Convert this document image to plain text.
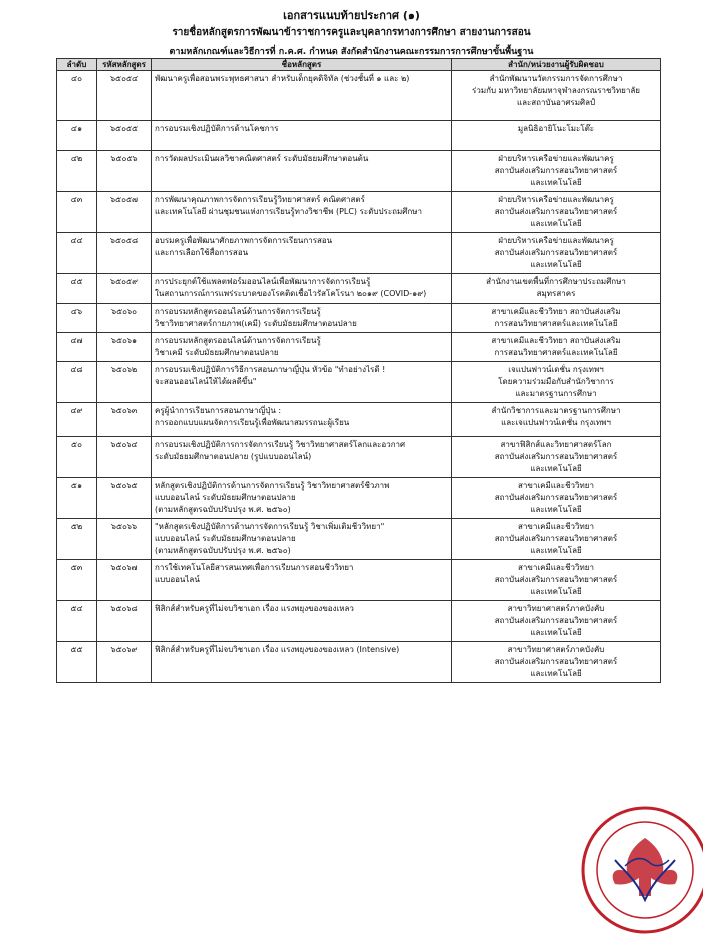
เอกสารแนบท้ายประกาศ (๑)
รายชื่อหลักสูตรการพัฒนาข้าราชการครูและบุคลากรทางการศึกษา สายงานการสอน
ตามหลักเกณฑ์และวิธีการที่ ก.ค.ศ. กำหนด สังกัดสำนักงานคณะกรรมการการศึกษาขั้นพื้นฐาน
ลำดับ	รหัสหลักสูตร	ชื่อหลักสูตร	สำนัก/หน่วยงานผู้รับผิดชอบ
๔๐	๖๕๐๕๔	พัฒนาครูเพื่อสอนพระพุทธศาสนา สำหรับเด็กยุคดิจิทัล (ช่วงชั้นที่ ๑ และ ๒)	สำนักพัฒนานวัตกรรมการจัดการศึกษา
ร่วมกับ มหาวิทยาลัยมหาจุฬาลงกรณราชวิทยาลัย
และสถาบันอาศรมศิลป์

๔๑	๖๕๐๕๕	การอบรมเชิงปฏิบัติการด้านโคชการ	มูลนิธิอายิโนะโมะโต๊ะ

๔๒	๖๕๐๕๖	การวัดผลประเมินผลวิชาคณิตศาสตร์ ระดับมัธยมศึกษาตอนต้น	ฝ่ายบริหารเครือข่ายและพัฒนาครู
สถาบันส่งเสริมการสอนวิทยาศาสตร์
และเทคโนโลยี

๔๓	๖๕๐๕๗	การพัฒนาคุณภาพการจัดการเรียนรู้วิทยาศาสตร์ คณิตศาสตร์
และเทคโนโลยี ผ่านชุมชนแห่งการเรียนรู้ทางวิชาชีพ (PLC) ระดับประถมศึกษา	ฝ่ายบริหารเครือข่ายและพัฒนาครู
สถาบันส่งเสริมการสอนวิทยาศาสตร์
และเทคโนโลยี

๔๔	๖๕๐๕๘	อบรมครูเพื่อพัฒนาศักยภาพการจัดการเรียนการสอน
และการเลือกใช้สื่อการสอน	ฝ่ายบริหารเครือข่ายและพัฒนาครู
สถาบันส่งเสริมการสอนวิทยาศาสตร์
และเทคโนโลยี

๔๕	๖๕๐๕๙	การประยุกต์ใช้แพลตฟอร์มออนไลน์เพื่อพัฒนาการจัดการเรียนรู้
ในสถานการณ์การแพร่ระบาดของโรคติดเชื้อไวรัสโคโรนา ๒๐๑๙ (COVID-๑๙)	สำนักงานเขตพื้นที่การศึกษาประถมศึกษา
สมุทรสาคร

๔๖	๖๕๐๖๐	การอบรมหลักสูตรออนไลน์ด้านการจัดการเรียนรู้
วิชาวิทยาศาสตร์กายภาพ(เคมี) ระดับมัธยมศึกษาตอนปลาย	สาขาเคมีและชีววิทยา สถาบันส่งเสริม
การสอนวิทยาศาสตร์และเทคโนโลยี

๔๗	๖๕๐๖๑	การอบรมหลักสูตรออนไลน์ด้านการจัดการเรียนรู้
วิชาเคมี ระดับมัธยมศึกษาตอนปลาย	สาขาเคมีและชีววิทยา สถาบันส่งเสริม
การสอนวิทยาศาสตร์และเทคโนโลยี

๔๘	๖๕๐๖๒	การอบรมเชิงปฏิบัติการวิธีการสอนภาษาญี่ปุ่น หัวข้อ "ทำอย่างไรดี !
จะสอนออนไลน์ให้ได้ผลดีขึ้น"	เจแปนฟาวน์เดชั่น กรุงเทพฯ
โดยความร่วมมือกับสำนักวิชาการ
และมาตรฐานการศึกษา

๔๙	๖๕๐๖๓	ครูผู้นำการเรียนการสอนภาษาญี่ปุ่น :
การออกแบบแผนจัดการเรียนรู้เพื่อพัฒนาสมรรถนะผู้เรียน	สำนักวิชาการและมาตรฐานการศึกษา
และเจแปนฟาวน์เดชั่น กรุงเทพฯ

๕๐	๖๕๐๖๔	การอบรมเชิงปฏิบัติการการจัดการเรียนรู้ วิชาวิทยาศาสตร์โลกและอวกาศ
ระดับมัธยมศึกษาตอนปลาย (รูปแบบออนไลน์)	สาขาฟิสิกส์และวิทยาศาสตร์โลก
สถาบันส่งเสริมการสอนวิทยาศาสตร์
และเทคโนโลยี

๕๑	๖๕๐๖๕	หลักสูตรเชิงปฏิบัติการด้านการจัดการเรียนรู้ วิชาวิทยาศาสตร์ชีวภาพ
แบบออนไลน์ ระดับมัธยมศึกษาตอนปลาย
(ตามหลักสูตรฉบับปรับปรุง พ.ศ. ๒๕๖๐)	สาขาเคมีและชีววิทยา
สถาบันส่งเสริมการสอนวิทยาศาสตร์
และเทคโนโลยี

๕๒	๖๕๐๖๖	"หลักสูตรเชิงปฏิบัติการด้านการจัดการเรียนรู้ วิชาเพิ่มเติมชีววิทยา"
แบบออนไลน์ ระดับมัธยมศึกษาตอนปลาย
(ตามหลักสูตรฉบับปรับปรุง พ.ศ. ๒๕๖๐)	สาขาเคมีและชีววิทยา
สถาบันส่งเสริมการสอนวิทยาศาสตร์
และเทคโนโลยี

๕๓	๖๕๐๖๗	การใช้เทคโนโลยีสารสนเทศเพื่อการเรียนการสอนชีววิทยา
แบบออนไลน์	สาขาเคมีและชีววิทยา
สถาบันส่งเสริมการสอนวิทยาศาสตร์
และเทคโนโลยี

๕๔	๖๕๐๖๘	ฟิสิกส์สำหรับครูที่ไม่จบวิชาเอก เรื่อง แรงพยุงของของเหลว	สาขาวิทยาศาสตร์ภาคบังคับ
สถาบันส่งเสริมการสอนวิทยาศาสตร์
และเทคโนโลยี

๕๕	๖๕๐๖๙	ฟิสิกส์สำหรับครูที่ไม่จบวิชาเอก เรื่อง แรงพยุงของของเหลว (Intensive)	สาขาวิทยาศาสตร์ภาคบังคับ
สถาบันส่งเสริมการสอนวิทยาศาสตร์
และเทคโนโลยี
